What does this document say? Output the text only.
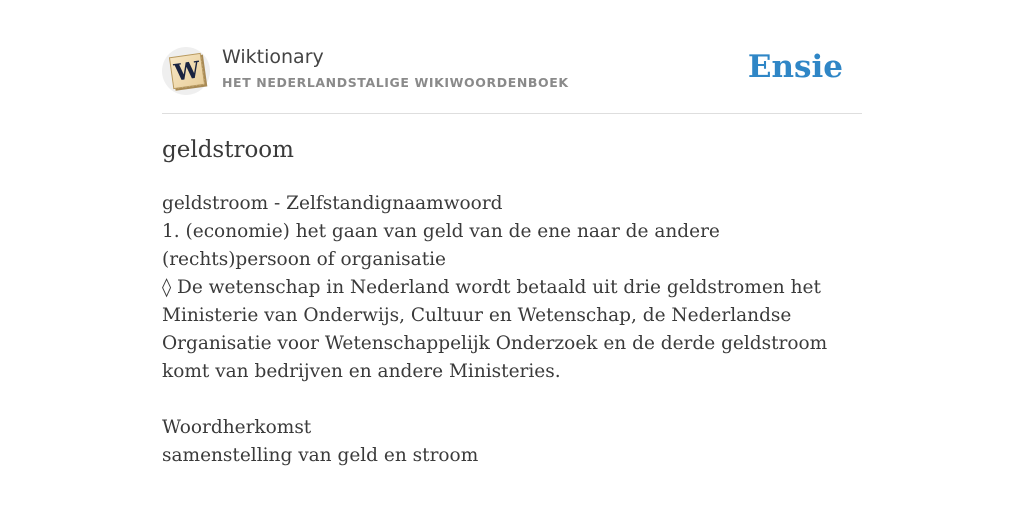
W Wiktionary
HET NEDERLANDSTALIGE WIKIWOORDENBOEK	Ensie
geldstroom

geldstroom - Zelfstandignaamwoord

1. (economie) het gaan van geld van de ene naar de andere (rechts)persoon of organisatie

◊ De wetenschap in Nederland wordt betaald uit drie geldstromen het Ministerie van Onderwijs, Cultuur en Wetenschap, de Nederlandse Organisatie voor Wetenschappelijk Onderzoek en de derde geldstroom komt van bedrijven en andere Ministeries.

Woordherkomst

samenstelling van geld en stroom
